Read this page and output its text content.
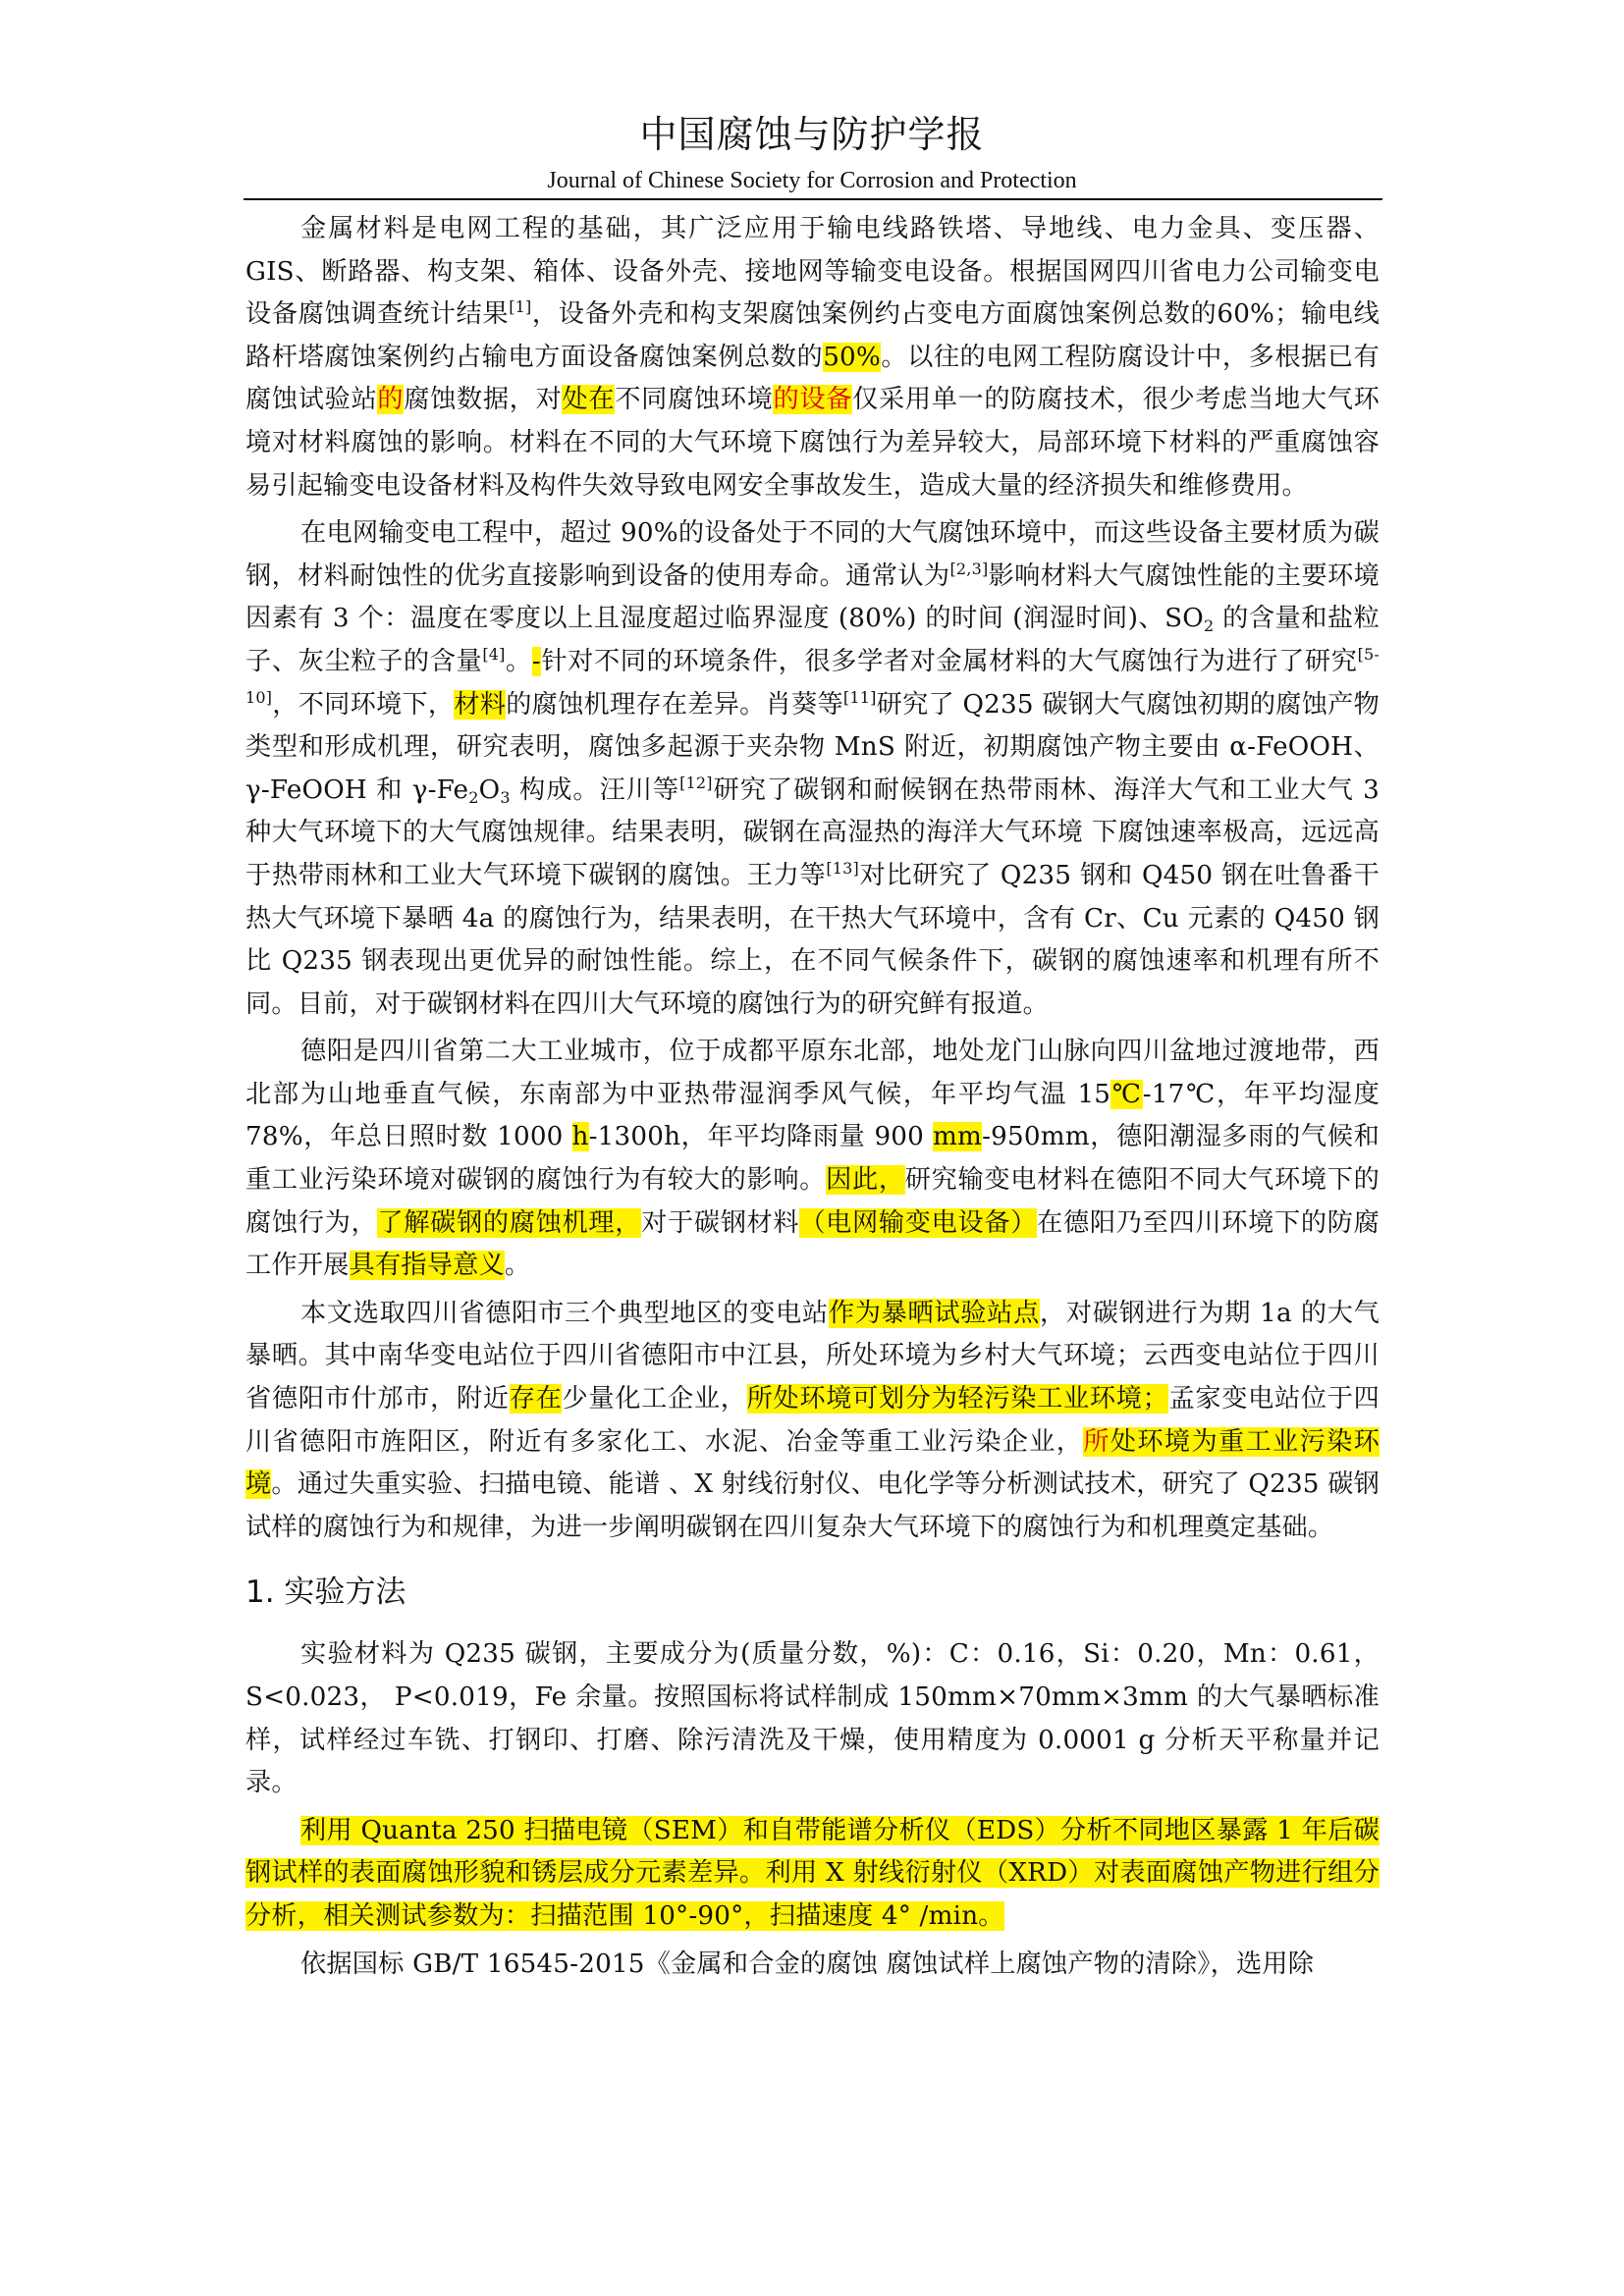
中国腐蚀与防护学报
Journal of Chinese Society for Corrosion and Protection

金属材料是电网工程的基础，其广泛应用于输电线路铁塔、导地线、电力金具、变压器、GIS、断路器、构支架、箱体、设备外壳、接地网等输变电设备。根据国网四川省电力公司输变电设备腐蚀调查统计结果[1]，设备外壳和构支架腐蚀案例约占变电方面腐蚀案例总数的60%；输电线路杆塔腐蚀案例约占输电方面设备腐蚀案例总数的50%。以往的电网工程防腐设计中，多根据已有腐蚀试验站的腐蚀数据，对处在不同腐蚀环境的设备仅采用单一的防腐技术，很少考虑当地大气环境对材料腐蚀的影响。材料在不同的大气环境下腐蚀行为差异较大，局部环境下材料的严重腐蚀容易引起输变电设备材料及构件失效导致电网安全事故发生，造成大量的经济损失和维修费用。

在电网输变电工程中，超过 90%的设备处于不同的大气腐蚀环境中，而这些设备主要材质为碳钢，材料耐蚀性的优劣直接影响到设备的使用寿命。通常认为[2,3]影响材料大气腐蚀性能的主要环境因素有 3 个：温度在零度以上且湿度超过临界湿度 (80%) 的时间 (润湿时间)、$SO_2$ 的含量和盐粒子、灰尘粒子的含量[4]。-针对不同的环境条件，很多学者对金属材料的大气腐蚀行为进行了研究[5-10]，不同环境下，材料的腐蚀机理存在差异。肖葵等[11]研究了 Q235 碳钢大气腐蚀初期的腐蚀产物类型和形成机理，研究表明，腐蚀多起源于夹杂物 MnS 附近，初期腐蚀产物主要由 α-FeOOH、γ-FeOOH 和 $\gamma-Fe_2O_3$ 构成。汪川等[12]研究了碳钢和耐候钢在热带雨林、海洋大气和工业大气 3 种大气环境下的大气腐蚀规律。结果表明，碳钢在高湿热的海洋大气环境 下腐蚀速率极高，远远高于热带雨林和工业大气环境下碳钢的腐蚀。王力等[13]对比研究了 Q235 钢和 Q450 钢在吐鲁番干热大气环境下暴晒 4a 的腐蚀行为，结果表明，在干热大气环境中，含有 Cr、Cu 元素的 Q450 钢比 Q235 钢表现出更优异的耐蚀性能。综上，在不同气候条件下，碳钢的腐蚀速率和机理有所不同。目前，对于碳钢材料在四川大气环境的腐蚀行为的研究鲜有报道。

德阳是四川省第二大工业城市，位于成都平原东北部，地处龙门山脉向四川盆地过渡地带，西北部为山地垂直气候，东南部为中亚热带湿润季风气候，年平均气温 15℃-17℃，年平均湿度 78%，年总日照时数 1000 h-1300h，年平均降雨量 900 mm-950mm，德阳潮湿多雨的气候和重工业污染环境对碳钢的腐蚀行为有较大的影响。因此，研究输变电材料在德阳不同大气环境下的腐蚀行为，了解碳钢的腐蚀机理，对于碳钢材料（电网输变电设备）在德阳乃至四川环境下的防腐工作开展具有指导意义。

本文选取四川省德阳市三个典型地区的变电站作为暴晒试验站点，对碳钢进行为期 1a 的大气暴晒。其中南华变电站位于四川省德阳市中江县，所处环境为乡村大气环境；云西变电站位于四川省德阳市什邡市，附近存在少量化工企业，所处环境可划分为轻污染工业环境；孟家变电站位于四川省德阳市旌阳区，附近有多家化工、水泥、冶金等重工业污染企业，所处环境为重工业污染环境。通过失重实验、扫描电镜、能谱 、X 射线衍射仪、电化学等分析测试技术，研究了 Q235 碳钢试样的腐蚀行为和规律，为进一步阐明碳钢在四川复杂大气环境下的腐蚀行为和机理奠定基础。

1. 实验方法

实验材料为 Q235 碳钢，主要成分为(质量分数，%)：C：0.16，Si：0.20，Mn：0.61，S<0.023， P<0.019，Fe 余量。按照国标将试样制成 150mm×70mm×3mm 的大气暴晒标准样，试样经过车铣、打钢印、打磨、除污清洗及干燥，使用精度为 0.0001 g 分析天平称量并记录。

利用 Quanta 250 扫描电镜（SEM）和自带能谱分析仪（EDS）分析不同地区暴露 1 年后碳钢试样的表面腐蚀形貌和锈层成分元素差异。利用 X 射线衍射仪（XRD）对表面腐蚀产物进行组分分析，相关测试参数为：扫描范围 10°-90°，扫描速度 4° /min。

依据国标 GB/T 16545-2015《金属和合金的腐蚀 腐蚀试样上腐蚀产物的清除》，选用除
